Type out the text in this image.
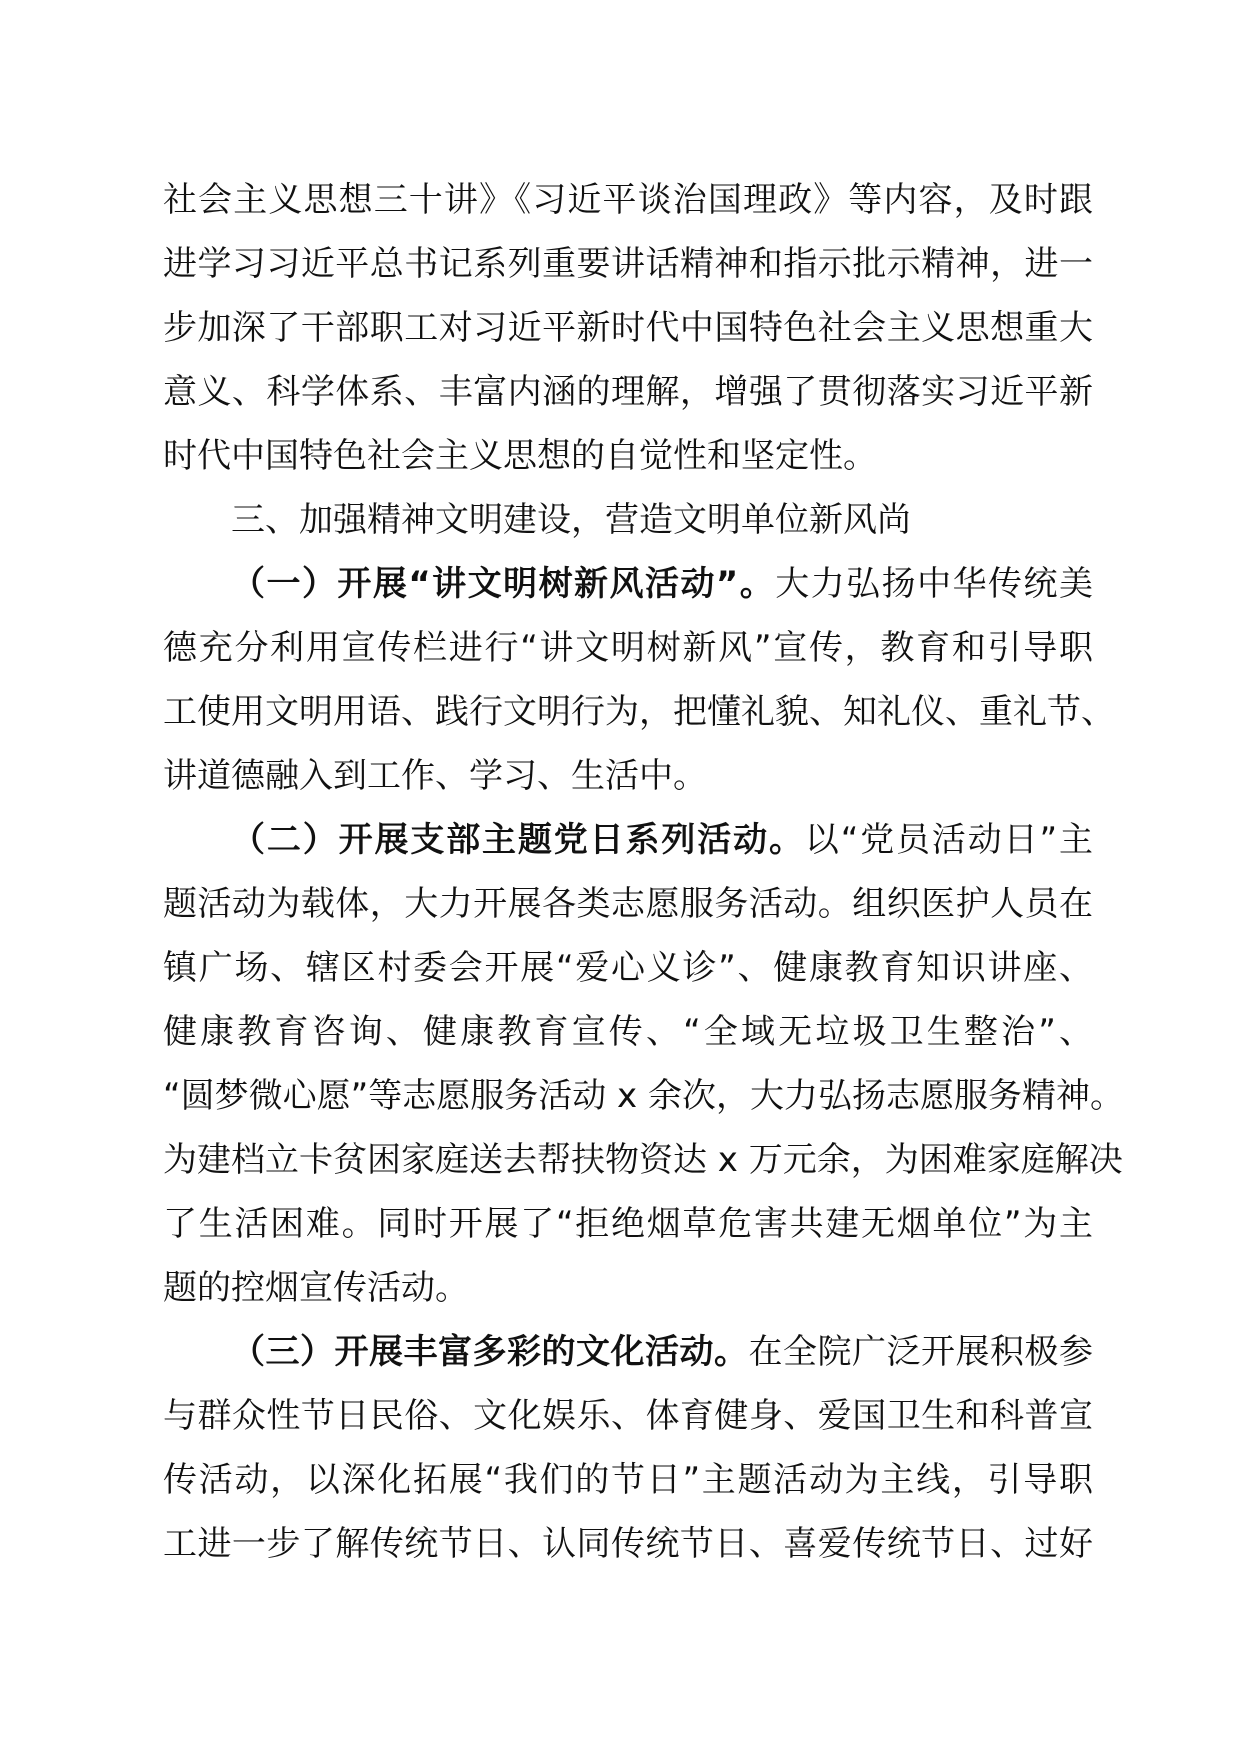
社会主义思想三十讲》《习近平谈治国理政》等内容，及时跟
进学习习近平总书记系列重要讲话精神和指示批示精神，进一
步加深了干部职工对习近平新时代中国特色社会主义思想重大
意义、科学体系、丰富内涵的理解，增强了贯彻落实习近平新
时代中国特色社会主义思想的自觉性和坚定性。

三、加强精神文明建设，营造文明单位新风尚

（一）开展“讲文明树新风活动”。大力弘扬中华传统美
德充分利用宣传栏进行“讲文明树新风”宣传，教育和引导职
工使用文明用语、践行文明行为，把懂礼貌、知礼仪、重礼节、
讲道德融入到工作、学习、生活中。

（二）开展支部主题党日系列活动。以“党员活动日”主
题活动为载体，大力开展各类志愿服务活动。组织医护人员在
镇广场、辖区村委会开展“爱心义诊”、健康教育知识讲座、
健康教育咨询、健康教育宣传、“全域无垃圾卫生整治”、
“圆梦微心愿”等志愿服务活动 x 余次，大力弘扬志愿服务精神。
为建档立卡贫困家庭送去帮扶物资达 x 万元余，为困难家庭解决
了生活困难。同时开展了“拒绝烟草危害共建无烟单位”为主
题的控烟宣传活动。

（三）开展丰富多彩的文化活动。在全院广泛开展积极参
与群众性节日民俗、文化娱乐、体育健身、爱国卫生和科普宣
传活动，以深化拓展“我们的节日”主题活动为主线，引导职
工进一步了解传统节日、认同传统节日、喜爱传统节日、过好
